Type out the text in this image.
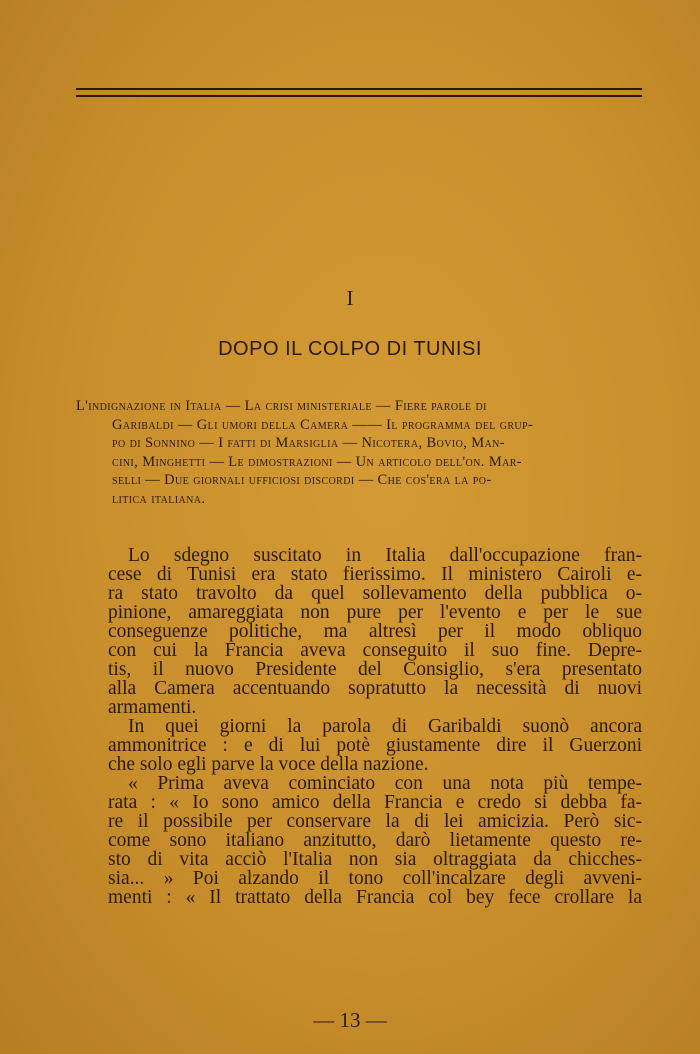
I
DOPO IL COLPO DI TUNISI
L'indignazione in Italia — La crisi ministeriale — Fiere parole di
Garibaldi — Gli umori della Camera —— Il programma del grup-
po di Sonnino — I fatti di Marsiglia — Nicotera, Bovio, Man-
cini, Minghetti — Le dimostrazioni — Un articolo dell'on. Mar-
selli — Due giornali ufficiosi discordi — Che cos'era la po-
litica italiana.
Lo sdegno suscitato in Italia dall'occupazione fran-
cese di Tunisi era stato fierissimo. Il ministero Cairoli e-
ra stato travolto da quel sollevamento della pubblica o-
pinione, amareggiata non pure per l'evento e per le sue
conseguenze politiche, ma altresì per il modo obliquo
con cui la Francia aveva conseguito il suo fine. Depre-
tis, il nuovo Presidente del Consiglio, s'era presentato
alla Camera accentuando sopratutto la necessità di nuovi
armamenti.
In quei giorni la parola di Garibaldi suonò ancora
ammonitrice : e di lui potè giustamente dire il Guerzoni
che solo egli parve la voce della nazione.
« Prima aveva cominciato con una nota più tempe-
rata : « Io sono amico della Francia e credo si debba fa-
re il possibile per conservare la di lei amicizia. Però sic-
come sono italiano anzitutto, darò lietamente questo re-
sto di vita acciò l'Italia non sia oltraggiata da chicches-
sia... » Poi alzando il tono coll'incalzare degli avveni-
menti : « Il trattato della Francia col bey fece crollare la
— 13 —
